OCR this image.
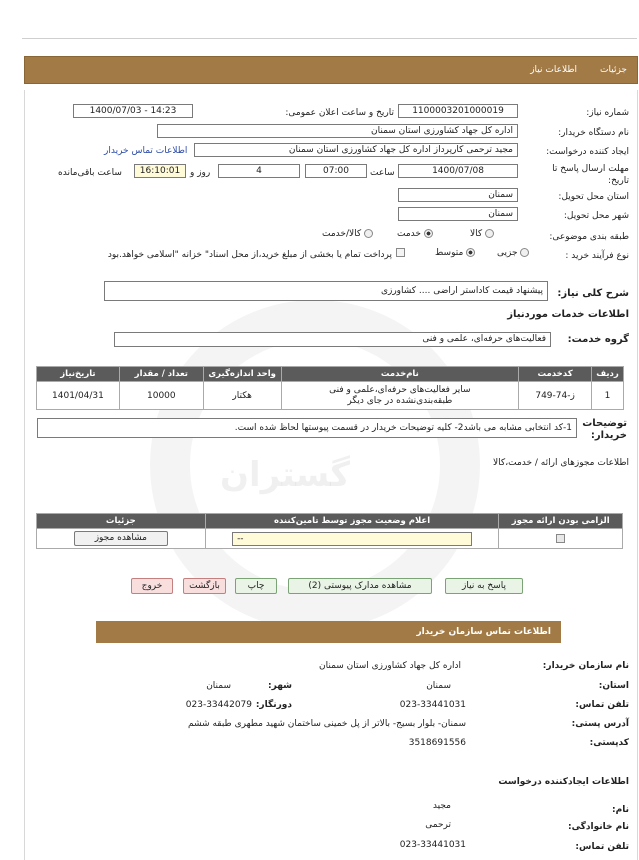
جزئیات
اطلاعات نیاز
گستران
شماره نیاز:
1100003201000019
تاریخ و ساعت اعلان عمومی:
1400/07/03 - 14:23
نام دستگاه خریدار:
اداره کل جهاد کشاورزی استان سمنان
ایجاد کننده درخواست:
مجید ترحمی کارپرداز اداره کل جهاد کشاورزی استان سمنان
اطلاعات تماس خریدار
مهلت ارسال پاسخ تا تاریخ:
1400/07/08
ساعت
07:00
4
روز و
16:10:01
ساعت باقی‌مانده
استان محل تحویل:
سمنان
شهر محل تحویل:
سمنان
طبقه بندی موضوعی:
کالا
خدمت
کالا/خدمت
نوع فرآیند خرید :
جزیی
متوسط
پرداخت تمام یا بخشی از مبلغ خرید،از محل اسناد" خزانه "اسلامی خواهد.بود
شرح کلی نیاز:
پیشنهاد قیمت کاداستر اراضی .... کشاورزی
اطلاعات خدمات مورد‌نیاز
گروه خدمت:
فعالیت‌های حرفه‌ای، علمی و فنی
ردیف	کدخدمت	نام‌خدمت	واحد اندازه‌گیری	تعداد / مقدار	تاریخ‌نیاز
1	ز-74-749	سایر فعالیت‌های حرفه‌ای،علمی و فنی طبقه‌بندی‌نشده در جای دیگر	هکتار	10000	1401/04/31
توضیحات خریدار:
1-کد انتخابی مشابه می باشد2- کلیه توضیحات خریدار در قسمت پیوستها لحاظ شده است.
اطلاعات مجوزهای ارائه / خدمت،کالا
الزامی بودن ارائه مجوز	اعلام وضعیت مجوز توسط تامین‌کننده	جزئیات

	--	مشاهده مجوز
پاسخ به نیاز
مشاهده مدارک پیوستی (2)
چاپ
بازگشت
خروج
اطلاعات تماس سازمان خریدار
نام سازمان خریدار:
اداره کل جهاد کشاورزی استان سمنان
استان:
سمنان
شهر:
سمنان
تلفن تماس:
023-33441031
دورنگار:
023-33442079
آدرس پستی:
سمنان- بلوار بسیج- بالاتر از پل خمینی ساختمان شهید مطهری طبقه ششم
کدپستی:
3518691556
اطلاعات ایجادکننده درخواست
نام:
مجید
نام خانوادگی:
ترحمی
تلفن تماس:
023-33441031
